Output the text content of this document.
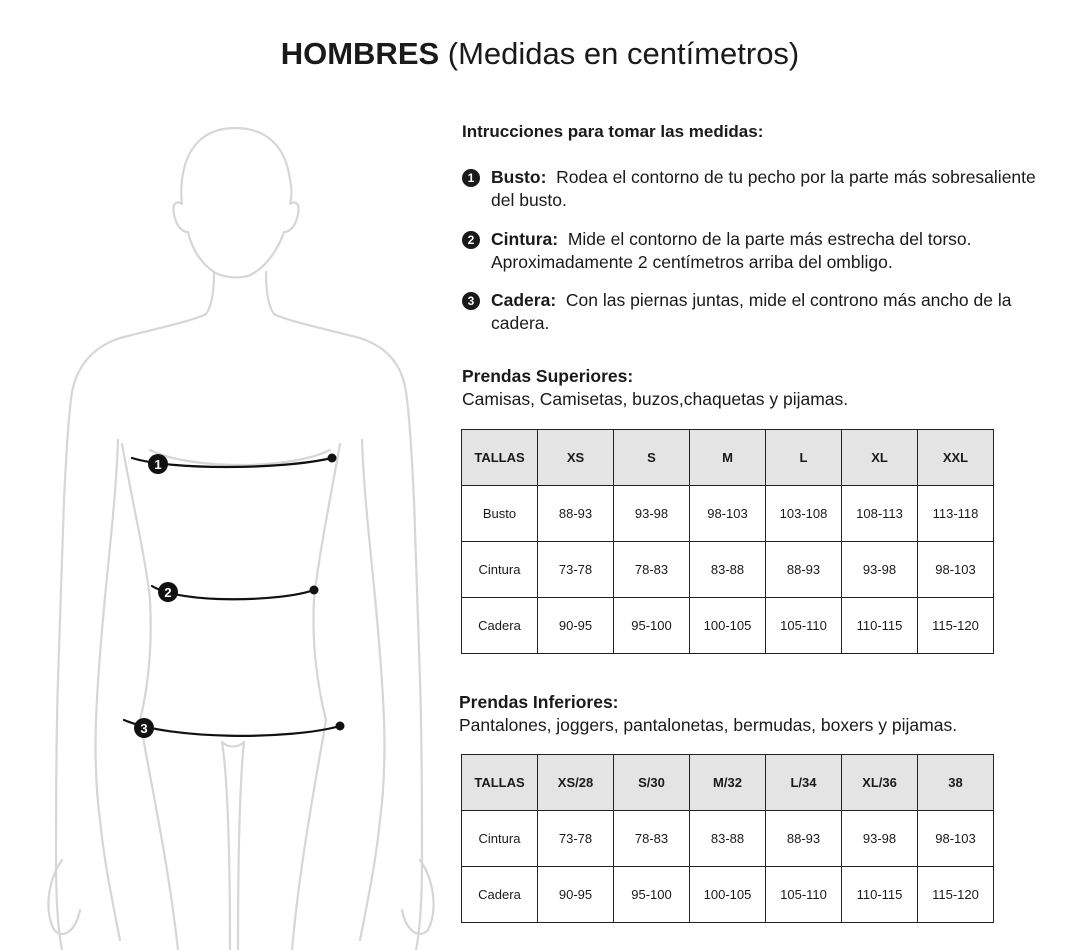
HOMBRES (Medidas en centímetros)
1
2
3
Intrucciones para tomar las medidas:
1 Busto: Rodea el contorno de tu pecho por la parte más sobresaliente del busto.
2 Cintura: Mide el contorno de la parte más estrecha del torso. Aproximadamente 2 centímetros arriba del ombligo.
3 Cadera: Con las piernas juntas, mide el controno más ancho de la cadera.
Prendas Superiores:
Camisas, Camisetas, buzos,chaquetas y pijamas.
TALLAS	XS	S	M	L	XL	XXL
Busto	88-93	93-98	98-103	103-108	108-113	113-118
Cintura	73-78	78-83	83-88	88-93	93-98	98-103
Cadera	90-95	95-100	100-105	105-110	110-115	115-120
Prendas Inferiores:
Pantalones, joggers, pantalonetas, bermudas, boxers y pijamas.
TALLAS	XS/28	S/30	M/32	L/34	XL/36	38
Cintura	73-78	78-83	83-88	88-93	93-98	98-103
Cadera	90-95	95-100	100-105	105-110	110-115	115-120
